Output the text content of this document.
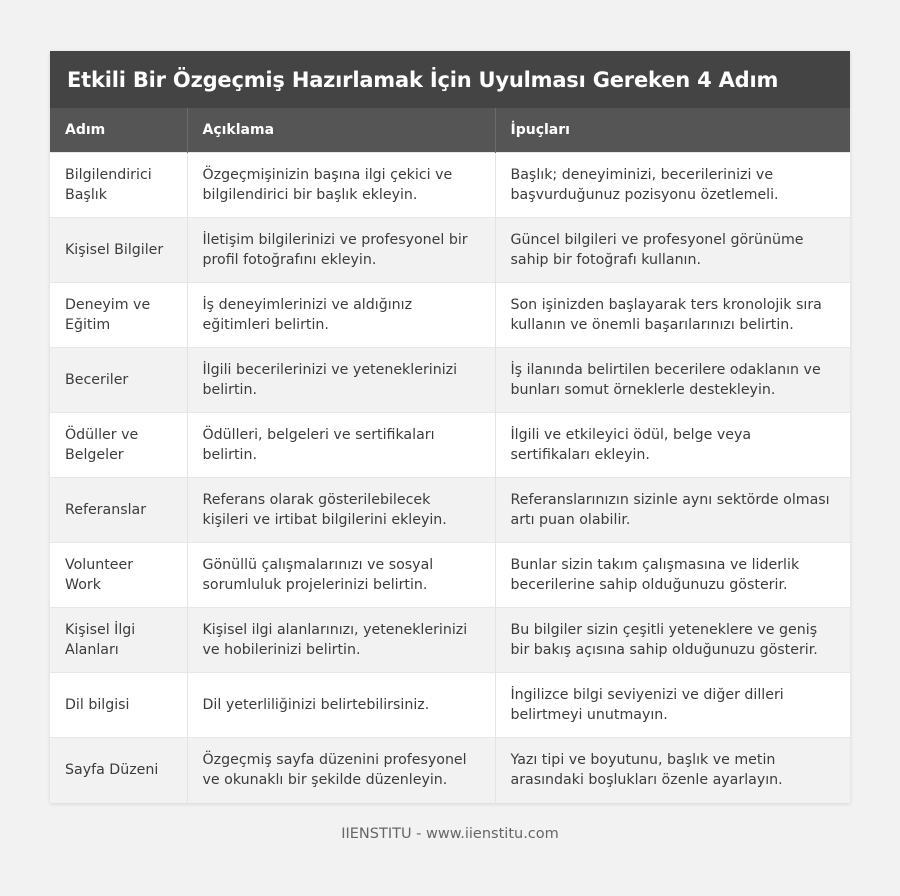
Etkili Bir Özgeçmiş Hazırlamak İçin Uyulması Gereken 4 Adım
Adım	Açıklama	İpuçları
Bilgilendirici Başlık	Özgeçmişinizin başına ilgi çekici ve bilgilendirici bir başlık ekleyin.	Başlık; deneyiminizi, becerilerinizi ve başvurduğunuz pozisyonu özetlemeli.
Kişisel Bilgiler	İletişim bilgilerinizi ve profesyonel bir profil fotoğrafını ekleyin.	Güncel bilgileri ve profesyonel görünüme sahip bir fotoğrafı kullanın.
Deneyim ve Eğitim	İş deneyimlerinizi ve aldığınız eğitimleri belirtin.	Son işinizden başlayarak ters kronolojik sıra kullanın ve önemli başarılarınızı belirtin.
Beceriler	İlgili becerilerinizi ve yeteneklerinizi belirtin.	İş ilanında belirtilen becerilere odaklanın ve bunları somut örneklerle destekleyin.
Ödüller ve Belgeler	Ödülleri, belgeleri ve sertifikaları belirtin.	İlgili ve etkileyici ödül, belge veya sertifikaları ekleyin.
Referanslar	Referans olarak gösterilebilecek kişileri ve irtibat bilgilerini ekleyin.	Referanslarınızın sizinle aynı sektörde olması artı puan olabilir.
Volunteer Work	Gönüllü çalışmalarınızı ve sosyal sorumluluk projelerinizi belirtin.	Bunlar sizin takım çalışmasına ve liderlik becerilerine sahip olduğunuzu gösterir.
Kişisel İlgi Alanları	Kişisel ilgi alanlarınızı, yeteneklerinizi ve hobilerinizi belirtin.	Bu bilgiler sizin çeşitli yeteneklere ve geniş bir bakış açısına sahip olduğunuzu gösterir.
Dil bilgisi	Dil yeterliliğinizi belirtebilirsiniz.	İngilizce bilgi seviyenizi ve diğer dilleri belirtmeyi unutmayın.
Sayfa Düzeni	Özgeçmiş sayfa düzenini profesyonel ve okunaklı bir şekilde düzenleyin.	Yazı tipi ve boyutunu, başlık ve metin arasındaki boşlukları özenle ayarlayın.
IIENSTITU - www.iienstitu.com
